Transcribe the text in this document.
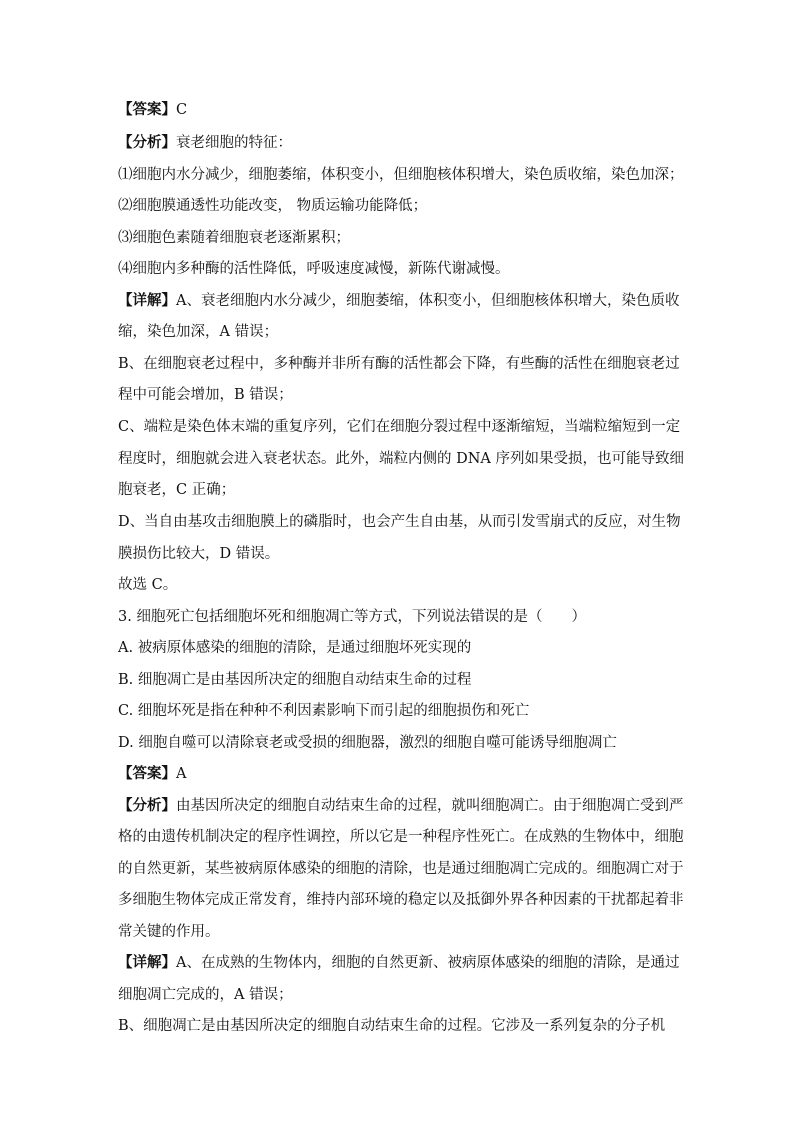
【答案】C
【分析】衰老细胞的特征：
⑴细胞内水分减少，细胞萎缩，体积变小，但细胞核体积增大，染色质收缩，染色加深；
⑵细胞膜通透性功能改变， 物质运输功能降低；
⑶细胞色素随着细胞衰老逐渐累积；
⑷细胞内多种酶的活性降低，呼吸速度减慢，新陈代谢减慢。
【详解】A、衰老细胞内水分减少，细胞萎缩，体积变小，但细胞核体积增大，染色质收
缩，染色加深，A 错误；
B、在细胞衰老过程中，多种酶并非所有酶的活性都会下降，有些酶的活性在细胞衰老过
程中可能会增加，B 错误；
C、端粒是染色体末端的重复序列，它们在细胞分裂过程中逐渐缩短，当端粒缩短到一定
程度时，细胞就会进入衰老状态。此外，端粒内侧的 DNA 序列如果受损，也可能导致细
胞衰老，C 正确；
D、当自由基攻击细胞膜上的磷脂时，也会产生自由基，从而引发雪崩式的反应，对生物
膜损伤比较大，D 错误。
故选 C。
3. 细胞死亡包括细胞坏死和细胞凋亡等方式，下列说法错误的是（　　）
A. 被病原体感染的细胞的清除，是通过细胞坏死实现的
B. 细胞凋亡是由基因所决定的细胞自动结束生命的过程
C. 细胞坏死是指在种种不利因素影响下而引起的细胞损伤和死亡
D. 细胞自噬可以清除衰老或受损的细胞器，激烈的细胞自噬可能诱导细胞凋亡
【答案】A
【分析】由基因所决定的细胞自动结束生命的过程，就叫细胞凋亡。由于细胞凋亡受到严
格的由遗传机制决定的程序性调控，所以它是一种程序性死亡。在成熟的生物体中，细胞
的自然更新，某些被病原体感染的细胞的清除，也是通过细胞凋亡完成的。细胞凋亡对于
多细胞生物体完成正常发育，维持内部环境的稳定以及抵御外界各种因素的干扰都起着非
常关键的作用。
【详解】A、在成熟的生物体内，细胞的自然更新、被病原体感染的细胞的清除，是通过
细胞凋亡完成的，A 错误；
B、细胞凋亡是由基因所决定的细胞自动结束生命的过程。它涉及一系列复杂的分子机
